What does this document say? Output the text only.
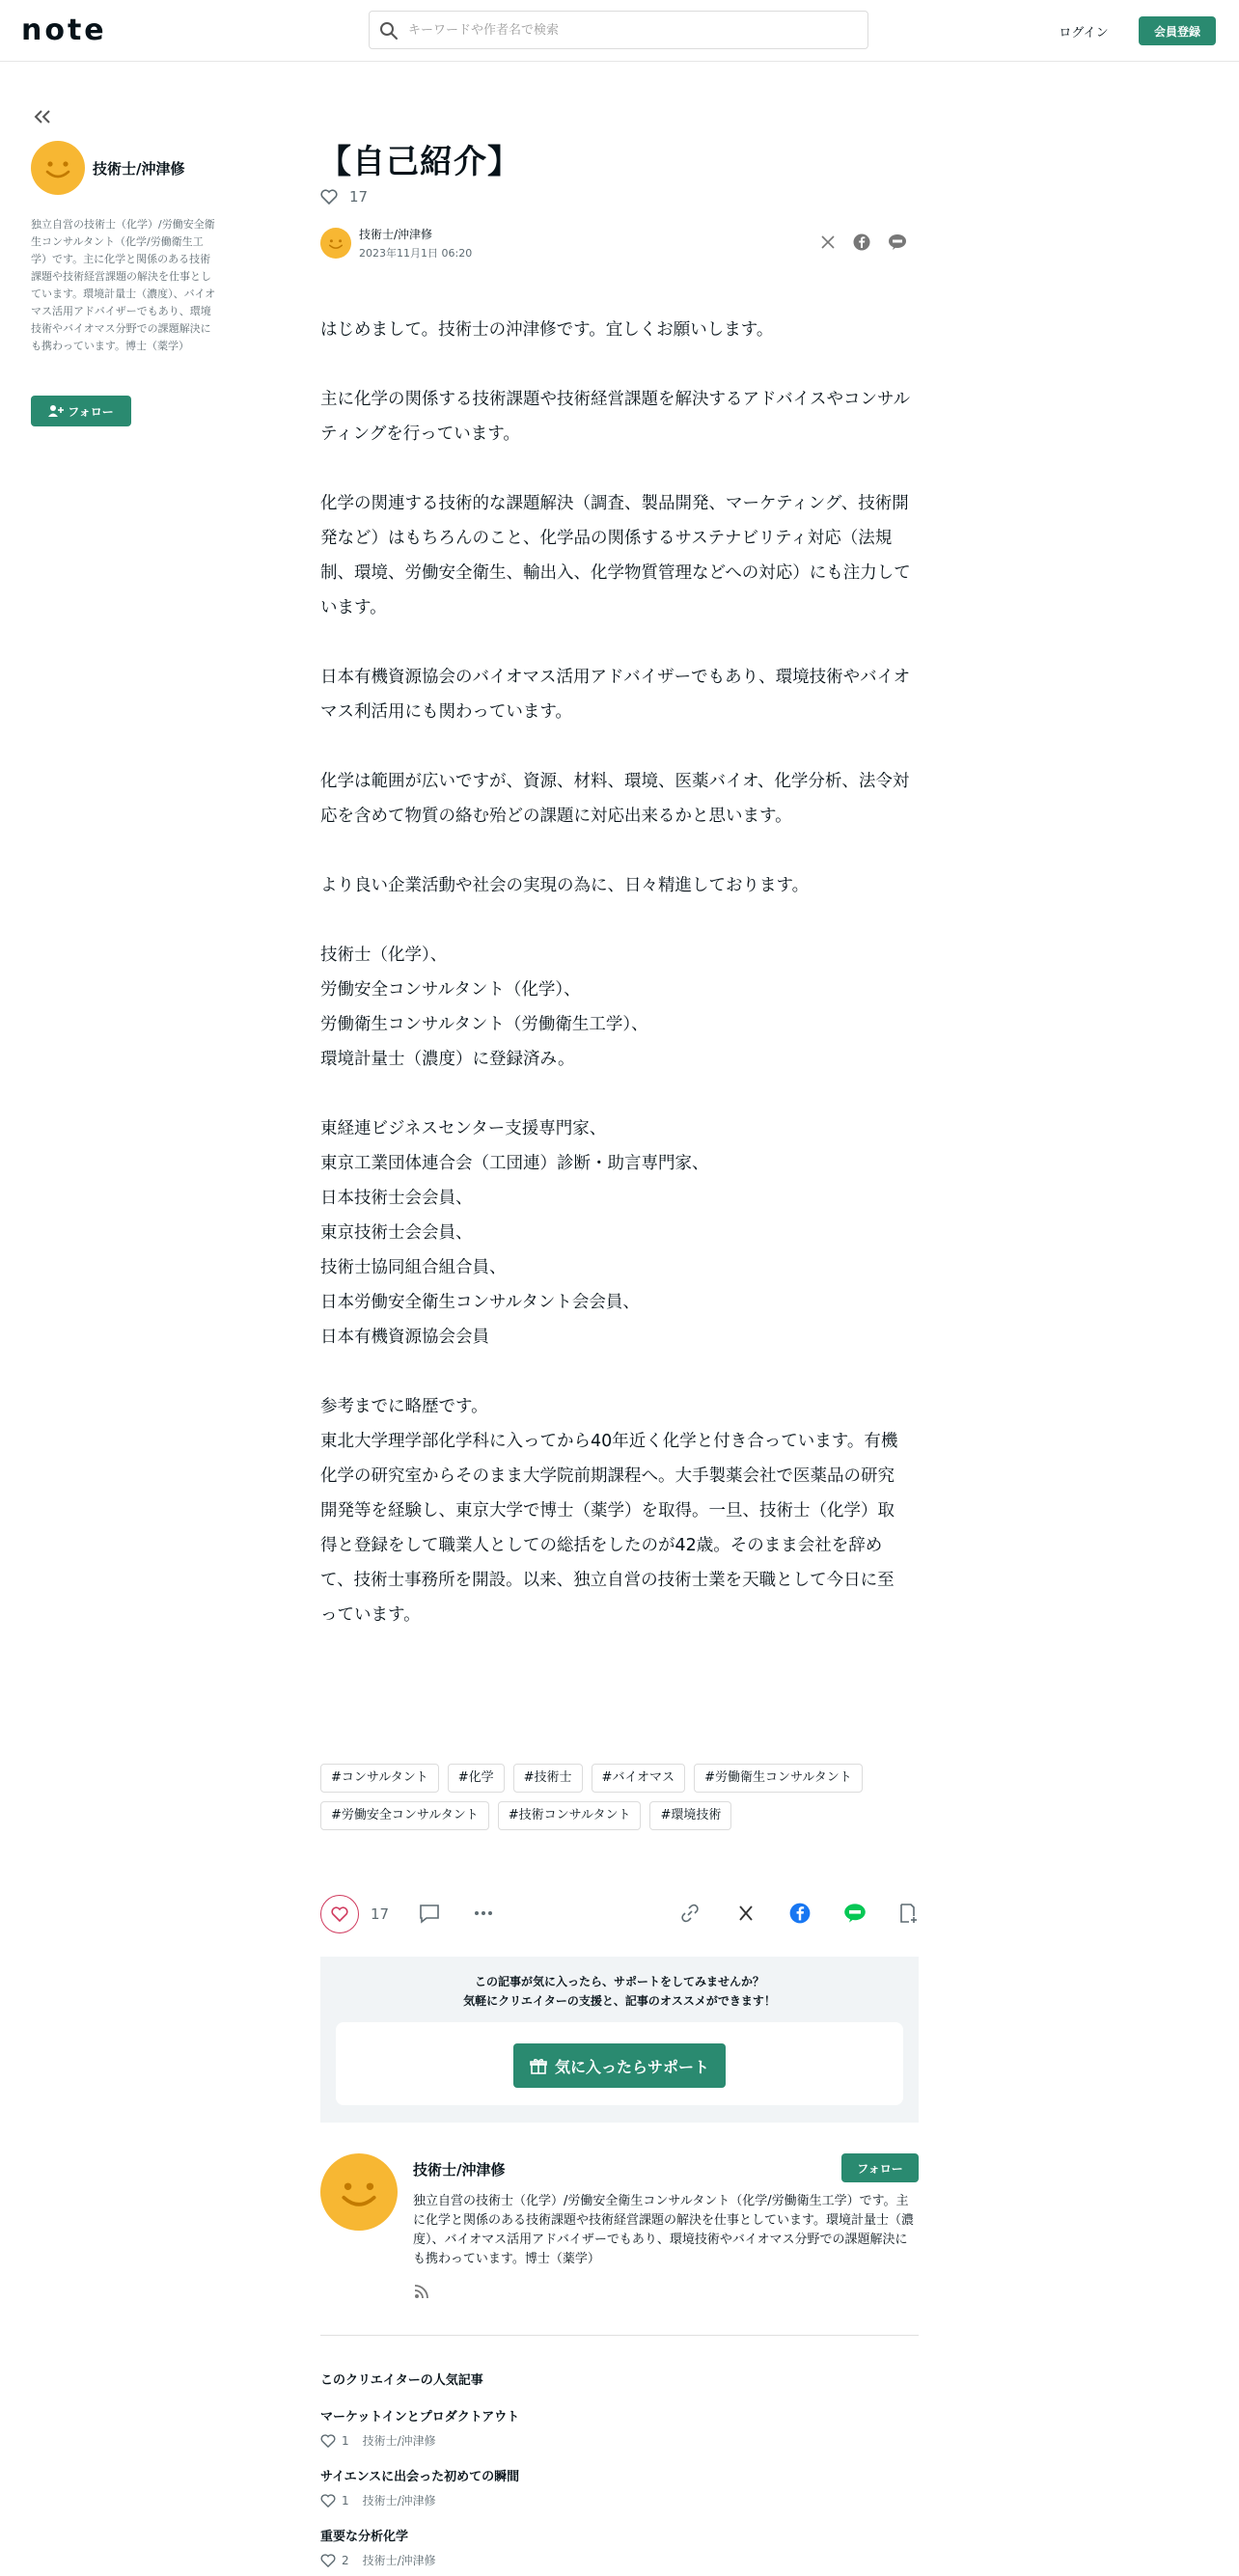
note
キーワードや作者名で検索	ログイン	会員登録
技術士/沖津修
独立自営の技術士（化学）/労働安全衛生コンサルタント（化学/労働衛生工学）です。主に化学と関係のある技術課題や技術経営課題の解決を仕事としています。環境計量士（濃度）、バイオマス活用アドバイザーでもあり、環境技術やバイオマス分野での課題解決にも携わっています。博士（薬学）
フォロー
【自己紹介】
17
技術士/沖津修
2023年11月1日 06:20

はじめまして。技術士の沖津修です。宜しくお願いします。

主に化学の関係する技術課題や技術経営課題を解決するアドバイスやコンサルティングを行っています。

化学の関連する技術的な課題解決（調査、製品開発、マーケティング、技術開発など）はもちろんのこと、化学品の関係するサステナビリティ対応（法規制、環境、労働安全衛生、輸出入、化学物質管理などへの対応）にも注力しています。

日本有機資源協会のバイオマス活用アドバイザーでもあり、環境技術やバイオマス利活用にも関わっています。

化学は範囲が広いですが、資源、材料、環境、医薬バイオ、化学分析、法令対応を含めて物質の絡む殆どの課題に対応出来るかと思います。

より良い企業活動や社会の実現の為に、日々精進しております。

技術士（化学）、
労働安全コンサルタント（化学）、
労働衛生コンサルタント（労働衛生工学）、
環境計量士（濃度）に登録済み。

東経連ビジネスセンター支援専門家、
東京工業団体連合会（工団連）診断・助言専門家、
日本技術士会会員、
東京技術士会会員、
技術士協同組合組合員、
日本労働安全衛生コンサルタント会会員、
日本有機資源協会会員

参考までに略歴です。
東北大学理学部化学科に入ってから40年近く化学と付き合っています。有機化学の研究室からそのまま大学院前期課程へ。大手製薬会社で医薬品の研究開発等を経験し、東京大学で博士（薬学）を取得。一旦、技術士（化学）取得と登録をして職業人としての総括をしたのが42歳。そのまま会社を辞めて、技術士事務所を開設。以来、独立自営の技術士業を天職として今日に至っています。

#コンサルタント	#化学	#技術士	#バイオマス	#労働衛生コンサルタント
#労働安全コンサルタント	#技術コンサルタント	#環境技術
17
この記事が気に入ったら、サポートをしてみませんか？
気軽にクリエイターの支援と、記事のオススメができます！
気に入ったらサポート
技術士/沖津修	フォロー
独立自営の技術士（化学）/労働安全衛生コンサルタント（化学/労働衛生工学）です。主に化学と関係のある技術課題や技術経営課題の解決を仕事としています。環境計量士（濃度）、バイオマス活用アドバイザーでもあり、環境技術やバイオマス分野での課題解決にも携わっています。博士（薬学）
このクリエイターの人気記事
マーケットインとプロダクトアウト
1 技術士/沖津修
サイエンスに出会った初めての瞬間
1 技術士/沖津修
重要な分析化学
2 技術士/沖津修
